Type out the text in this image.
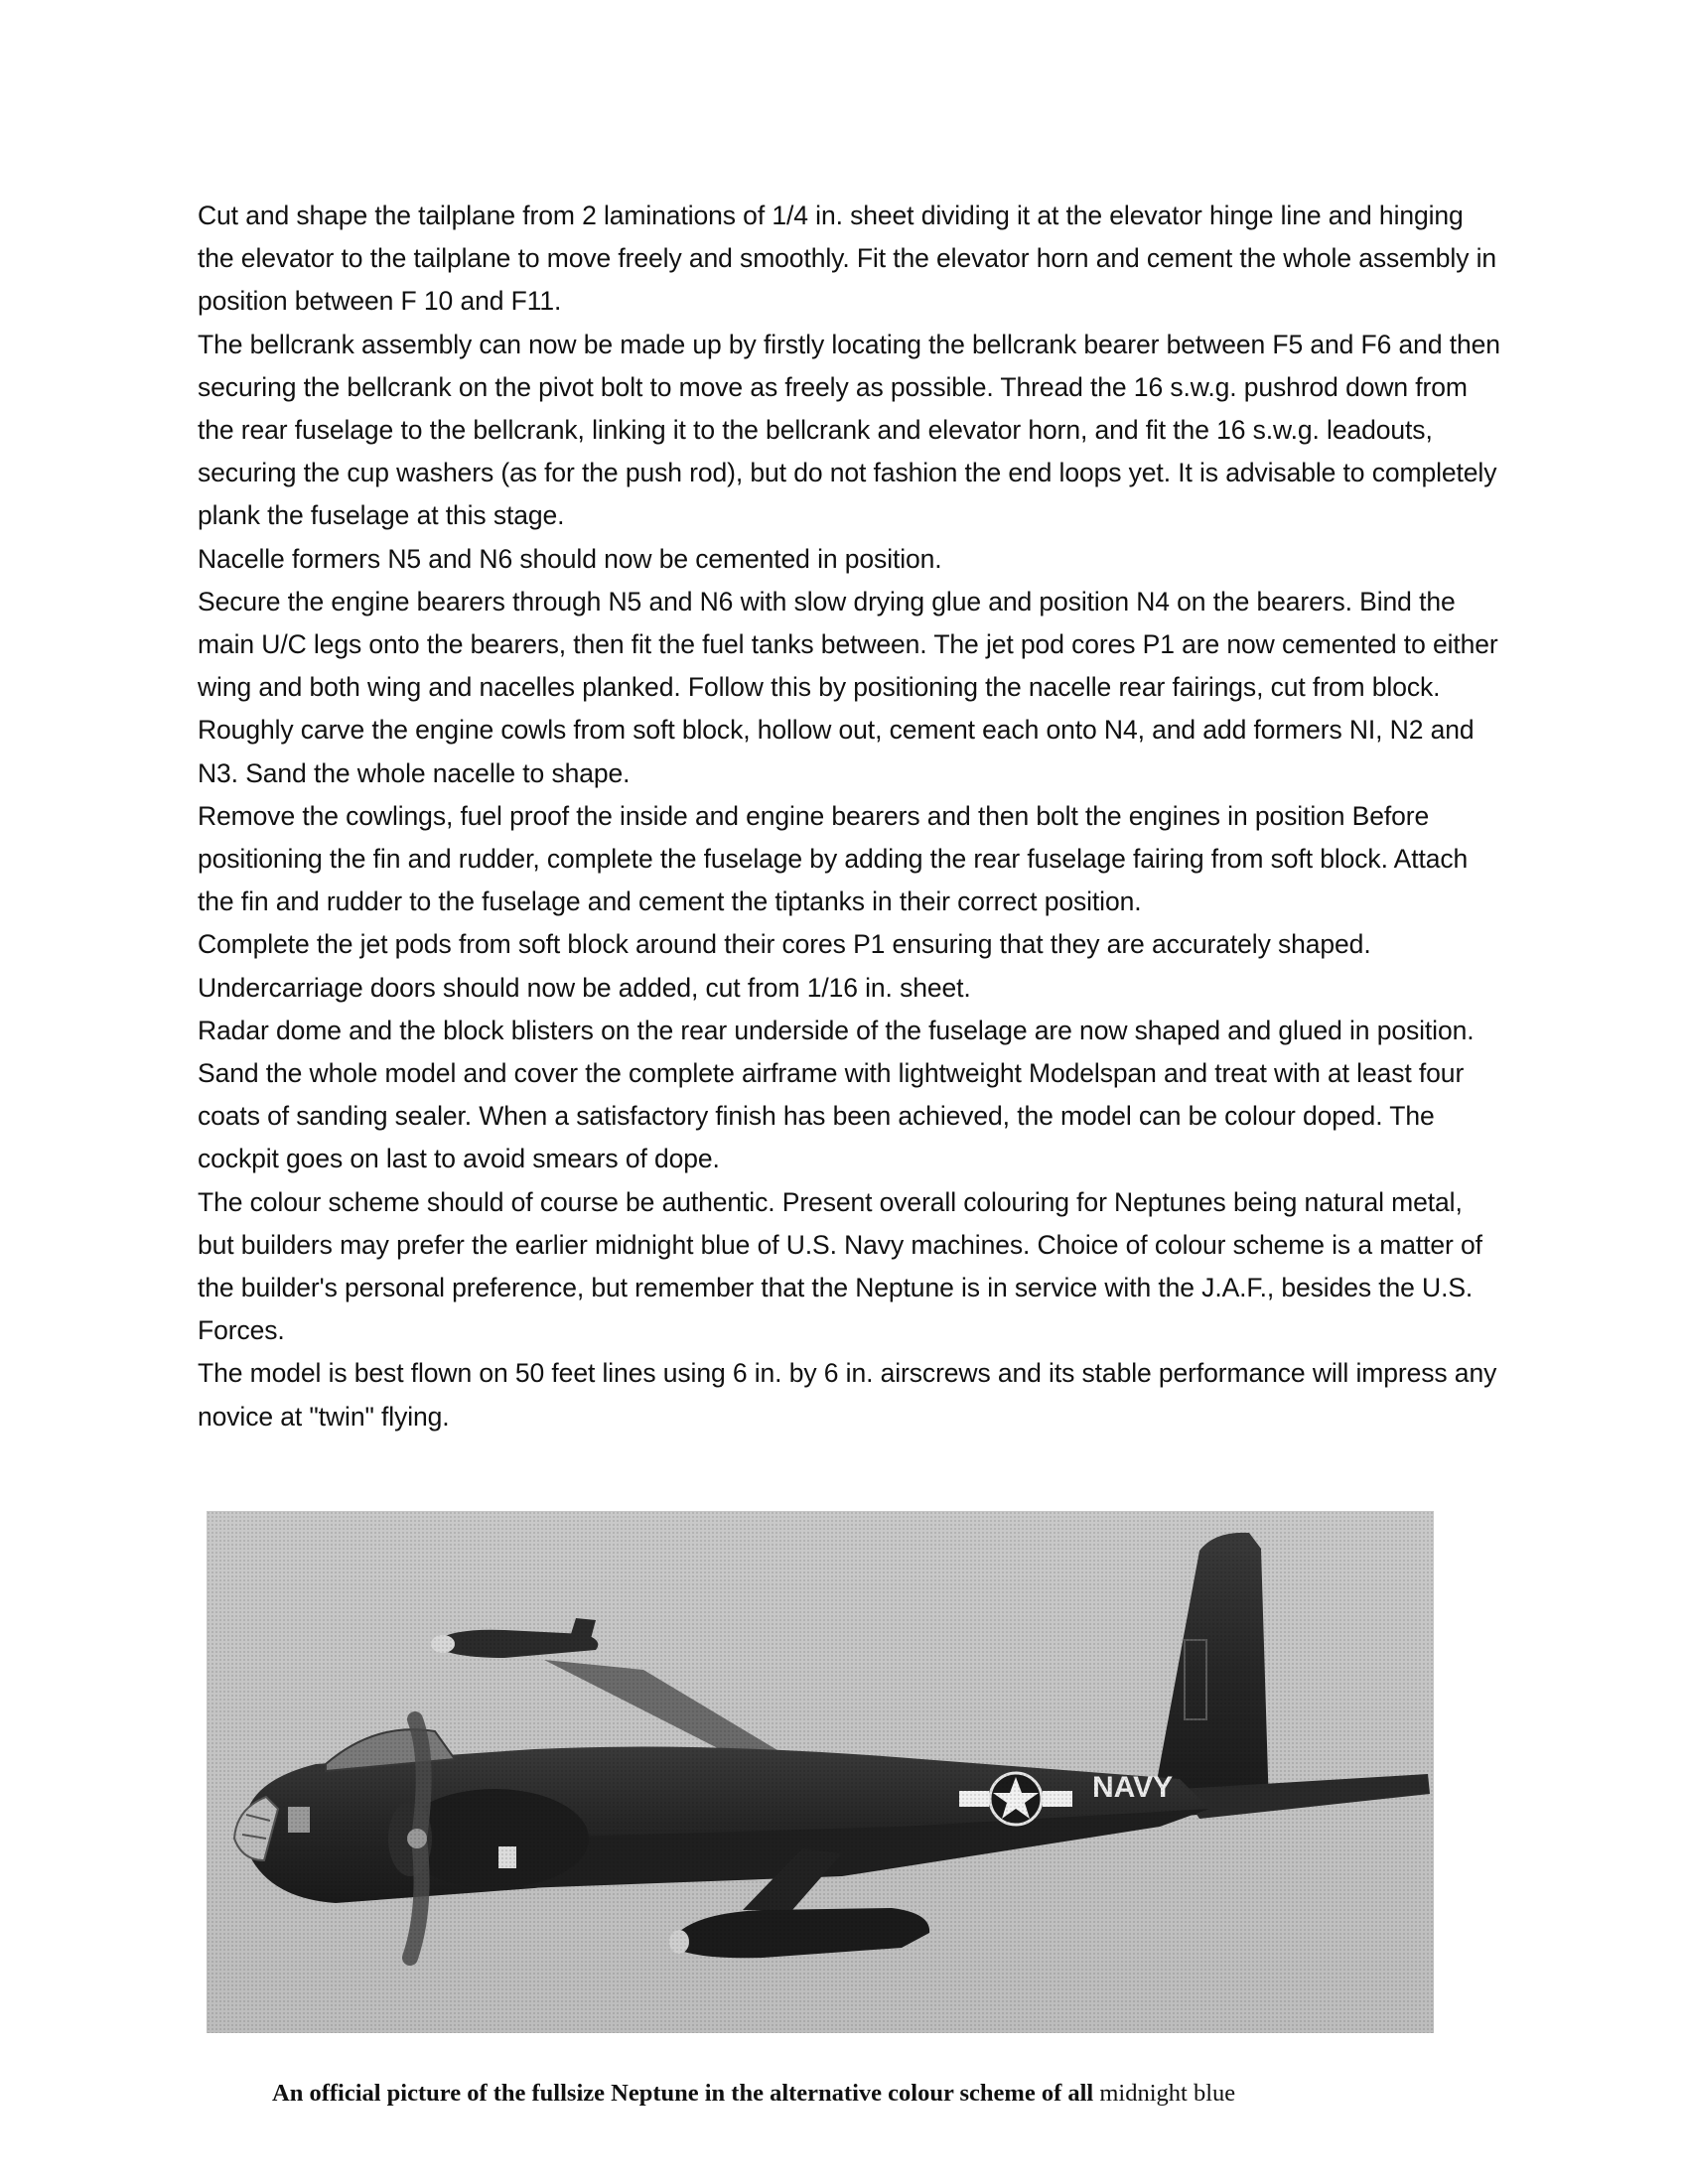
Cut and shape the tailplane from 2 laminations of 1/4 in. sheet dividing it at the elevator hinge line and hinging the elevator to the tailplane to move freely and smoothly. Fit the elevator horn and cement the whole assembly in position between F 10 and F11.

The bellcrank assembly can now be made up by firstly locating the bellcrank bearer between F5 and F6 and then securing the bellcrank on the pivot bolt to move as freely as possible. Thread the 16 s.w.g. pushrod down from the rear fuselage to the bellcrank, linking it to the bellcrank and elevator horn, and fit the 16 s.w.g. leadouts, securing the cup washers (as for the push rod), but do not fashion the end loops yet. It is advisable to completely plank the fuselage at this stage.

Nacelle formers N5 and N6 should now be cemented in position.

Secure the engine bearers through N5 and N6 with slow drying glue and position N4 on the bearers. Bind the main U/C legs onto the bearers, then fit the fuel tanks between. The jet pod cores P1 are now cemented to either wing and both wing and nacelles planked. Follow this by positioning the nacelle rear fairings, cut from block.

Roughly carve the engine cowls from soft block, hollow out, cement each onto N4, and add formers NI, N2 and N3. Sand the whole nacelle to shape.

Remove the cowlings, fuel proof the inside and engine bearers and then bolt the engines in position Before positioning the fin and rudder, complete the fuselage by adding the rear fuselage fairing from soft block. Attach the fin and rudder to the fuselage and cement the tiptanks in their correct position.

Complete the jet pods from soft block around their cores P1 ensuring that they are accurately shaped.

Undercarriage doors should now be added, cut from 1/16 in. sheet.

Radar dome and the block blisters on the rear underside of the fuselage are now shaped and glued in position. Sand the whole model and cover the complete airframe with lightweight Modelspan and treat with at least four coats of sanding sealer. When a satisfactory finish has been achieved, the model can be colour doped. The cockpit goes on last to avoid smears of dope.

The colour scheme should of course be authentic. Present overall colouring for Neptunes being natural metal, but builders may prefer the earlier midnight blue of U.S. Navy machines. Choice of colour scheme is a matter of the builder's personal preference, but remember that the Neptune is in service with the J.A.F., besides the U.S. Forces.

The model is best flown on 50 feet lines using 6 in. by 6 in. airscrews and its stable performance will impress any novice at "twin" flying.

An official picture of the fullsize Neptune in the alternative colour scheme of all midnight blue
